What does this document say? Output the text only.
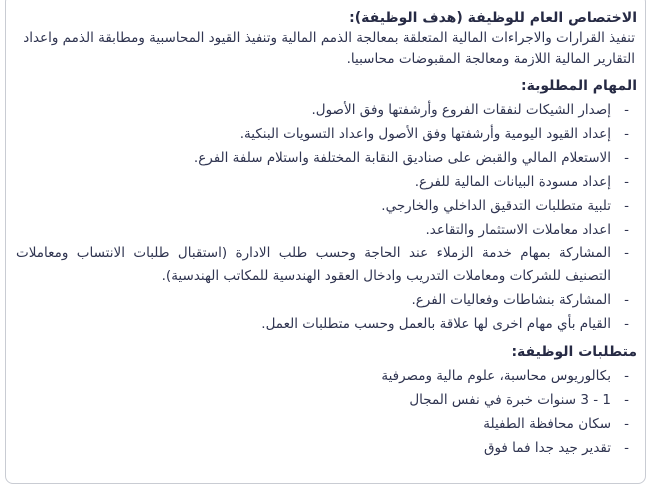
الاختصاص العام للوظيفة (هدف الوظيفة):

تنفيذ القرارات والاجراءات المالية المتعلقة بمعالجة الذمم المالية وتنفيذ القيود المحاسبية ومطابقة الذمم واعداد التقارير المالية اللازمة ومعالجة المقبوضات محاسبيا.

المهام المطلوبة:

-
إصدار الشيكات لنفقات الفروع وأرشفتها وفق الأصول.
-
إعداد القيود اليومية وأرشفتها وفق الأصول واعداد التسويات البنكية.
-
الاستعلام المالي والقبض على صناديق النقابة المختلفة واستلام سلفة الفرع.
-
إعداد مسودة البيانات المالية للفرع.
-
تلبية متطلبات التدقيق الداخلي والخارجي.
-
اعداد معاملات الاستثمار والتقاعد.
-
المشاركة بمهام خدمة الزملاء عند الحاجة وحسب طلب الادارة (استقبال طلبات الانتساب ومعاملات التصنيف للشركات ومعاملات التدريب وادخال العقود الهندسية للمكاتب الهندسية).
-
المشاركة بنشاطات وفعاليات الفرع.
-
القيام بأي مهام اخرى لها علاقة بالعمل وحسب متطلبات العمل.

متطلبات الوظيفة:

-
بكالوريوس محاسبة، علوم مالية ومصرفية
-
1 - 3 سنوات خبرة في نفس المجال
-
سكان محافظة الطفيلة
-
تقدير جيد جدا فما فوق
